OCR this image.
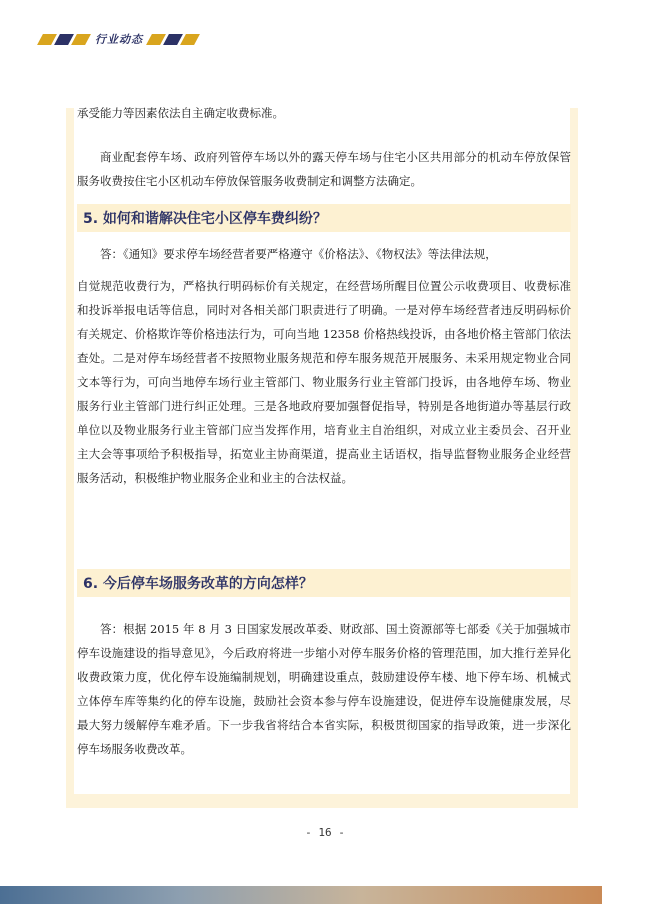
行业动态

承受能力等因素依法自主确定收费标准。

商业配套停车场、政府列管停车场以外的露天停车场与住宅小区共用部分的机动车停放保管服务收费按住宅小区机动车停放保管服务收费制定和调整方法确定。

5. 如何和谐解决住宅小区停车费纠纷？

答：《通知》要求停车场经营者要严格遵守《价格法》、《物权法》等法律法规，

自觉规范收费行为，严格执行明码标价有关规定，在经营场所醒目位置公示收费项目、收费标准和投诉举报电话等信息，同时对各相关部门职责进行了明确。一是对停车场经营者违反明码标价有关规定、价格欺诈等价格违法行为，可向当地 12358 价格热线投诉，由各地价格主管部门依法查处。二是对停车场经营者不按照物业服务规范和停车服务规范开展服务、未采用规定物业合同文本等行为，可向当地停车场行业主管部门、物业服务行业主管部门投诉，由各地停车场、物业服务行业主管部门进行纠正处理。三是各地政府要加强督促指导，特别是各地街道办等基层行政单位以及物业服务行业主管部门应当发挥作用，培育业主自治组织，对成立业主委员会、召开业主大会等事项给予积极指导，拓宽业主协商渠道，提高业主话语权，指导监督物业服务企业经营服务活动，积极维护物业服务企业和业主的合法权益。

6. 今后停车场服务改革的方向怎样？

答：根据 2015 年 8 月 3 日国家发展改革委、财政部、国土资源部等七部委《关于加强城市停车设施建设的指导意见》，今后政府将进一步缩小对停车服务价格的管理范围，加大推行差异化收费政策力度，优化停车设施编制规划，明确建设重点，鼓励建设停车楼、地下停车场、机械式立体停车库等集约化的停车设施，鼓励社会资本参与停车设施建设，促进停车设施健康发展，尽最大努力缓解停车难矛盾。下一步我省将结合本省实际，积极贯彻国家的指导政策，进一步深化停车场服务收费改革。

- 16 -
